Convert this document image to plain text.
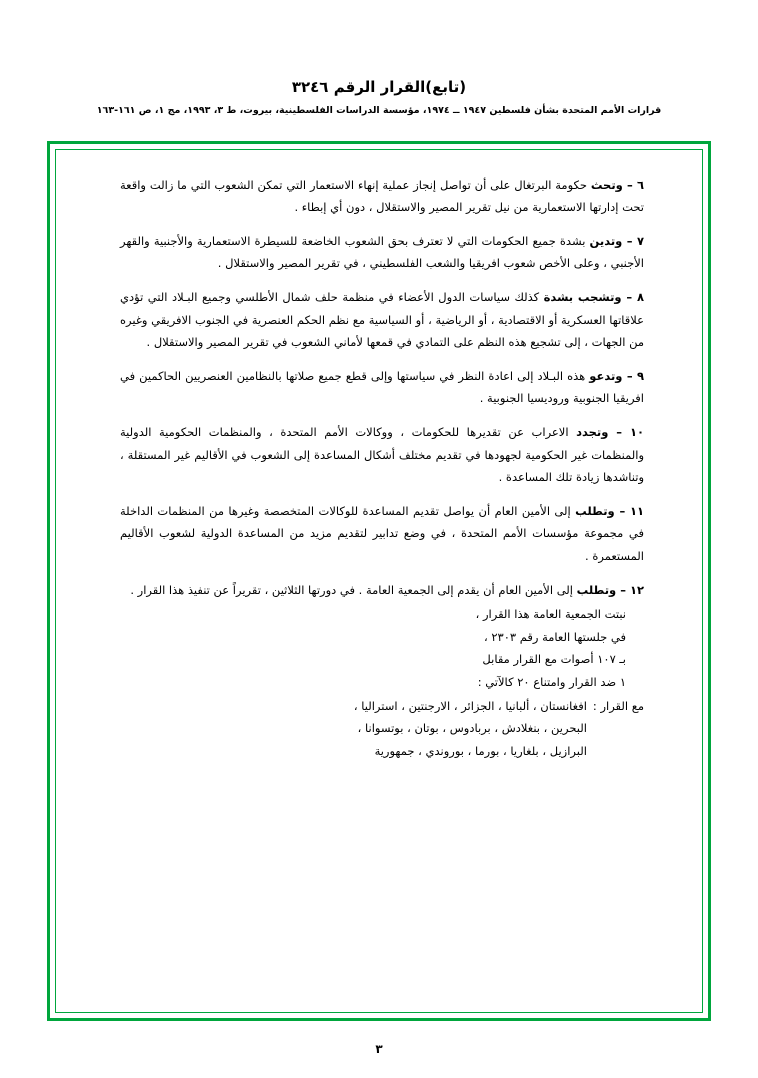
(تابع)القرار الرقم ٣٢٤٦
قرارات الأمم المتحدة بشأن فلسطين ١٩٤٧ ــ ١٩٧٤، مؤسسة الدراسات الفلسطينية، بيروت، ط ٣، ١٩٩٣، مج ١، ص ١٦١-١٦٣

٦ – وتحث حكومة البرتغال على أن تواصل إنجاز عملية إنهاء الاستعمار التي تمكن الشعوب التي ما زالت واقعة تحت إدارتها الاستعمارية من نيل تقرير المصير والاستقلال ، دون أي إبطاء .

٧ – وتدين بشدة جميع الحكومات التي لا تعترف بحق الشعوب الخاضعة للسيطرة الاستعمارية والأجنبية والقهر الأجنبي ، وعلى الأخص شعوب افريقيا والشعب الفلسطيني ، في تقرير المصير والاستقلال .

٨ – وتشجب بشدة كذلك سياسات الدول الأعضاء في منظمة حلف شمال الأطلسي وجميع البـلاد التي تؤدي علاقاتها العسكرية أو الاقتصادية ، أو الرياضية ، أو السياسية مع نظم الحكم العنصرية في الجنوب الافريقي وغيره من الجهات ، إلى تشجيع هذه النظم على التمادي في قمعها لأماني الشعوب في تقرير المصير والاستقلال .

٩ – وتدعو هذه البـلاد إلى اعادة النظر في سياستها وإلى قطع جميع صلاتها بالنظامين العنصريين الحاكمين في افريقيا الجنوبية وروديسيا الجنوبية .

١٠ – وتجدد الاعراب عن تقديرها للحكومات ، ووكالات الأمم المتحدة ، والمنظمات الحكومية الدولية والمنظمات غير الحكومية لجهودها في تقديم مختلف أشكال المساعدة إلى الشعوب في الأقاليم غير المستقلة ، وتناشدها زيادة تلك المساعدة .

١١ – وتطلب إلى الأمين العام أن يواصل تقديم المساعدة للوكالات المتخصصة وغيرها من المنظمات الداخلة في مجموعة مؤسسات الأمم المتحدة ، في وضع تدابير لتقديم مزيد من المساعدة الدولية لشعوب الأقاليم المستعمرة .

١٢ – وتطلب إلى الأمين العام أن يقدم إلى الجمعية العامة . في دورتها الثلاثين ، تقريراً عن تنفيذ هذا القرار .

نبتت الجمعية العامة هذا القرار ،
في جلستها العامة رقم ٢٣٠٣ ،
بـ ١٠٧ أصوات مع القرار مقابل
١ ضد القرار وامتناع ٢٠ كالآتي :
مع القرار :
افغانستان ، ألبانيا ، الجزائر ، الارجنتين ، استراليا ،
البحرين ، بنغلادش ، بربادوس ، بوتان ، بوتسوانا ،
البرازيل ، بلغاريا ، بورما ، بوروندي ، جمهورية
٣
